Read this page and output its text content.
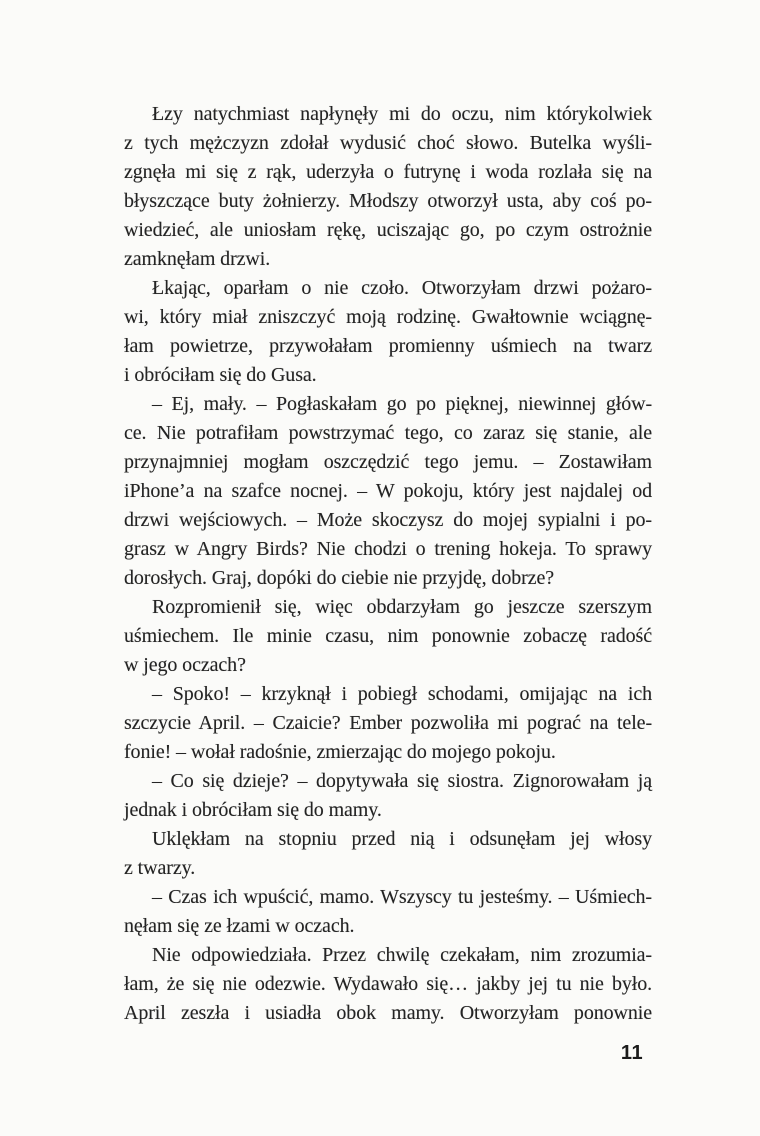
Łzy natychmiast napłynęły mi do oczu, nim którykolwiek
z tych mężczyzn zdołał wydusić choć słowo. Butelka wyśli-
zgnęła mi się z rąk, uderzyła o futrynę i woda rozlała się na
błyszczące buty żołnierzy. Młodszy otworzył usta, aby coś po-
wiedzieć, ale uniosłam rękę, uciszając go, po czym ostrożnie
zamknęłam drzwi.
Łkając, oparłam o nie czoło. Otworzyłam drzwi pożaro-
wi, który miał zniszczyć moją rodzinę. Gwałtownie wciągnę-
łam powietrze, przywołałam promienny uśmiech na twarz
i obróciłam się do Gusa.
– Ej, mały. – Pogłaskałam go po pięknej, niewinnej głów-
ce. Nie potrafiłam powstrzymać tego, co zaraz się stanie, ale
przynajmniej mogłam oszczędzić tego jemu. – Zostawiłam
iPhone’a na szafce nocnej. – W pokoju, który jest najdalej od
drzwi wejściowych. – Może skoczysz do mojej sypialni i po-
grasz w Angry Birds? Nie chodzi o trening hokeja. To sprawy
dorosłych. Graj, dopóki do ciebie nie przyjdę, dobrze?
Rozpromienił się, więc obdarzyłam go jeszcze szerszym
uśmiechem. Ile minie czasu, nim ponownie zobaczę radość
w jego oczach?
– Spoko! – krzyknął i pobiegł schodami, omijając na ich
szczycie April. – Czaicie? Ember pozwoliła mi pograć na tele-
fonie! – wołał radośnie, zmierzając do mojego pokoju.
– Co się dzieje? – dopytywała się siostra. Zignorowałam ją
jednak i obróciłam się do mamy.
Uklękłam na stopniu przed nią i odsunęłam jej włosy
z twarzy.
– Czas ich wpuścić, mamo. Wszyscy tu jesteśmy. – Uśmiech-
nęłam się ze łzami w oczach.
Nie odpowiedziała. Przez chwilę czekałam, nim zrozumia-
łam, że się nie odezwie. Wydawało się… jakby jej tu nie było.
April zeszła i usiadła obok mamy. Otworzyłam ponownie
11
